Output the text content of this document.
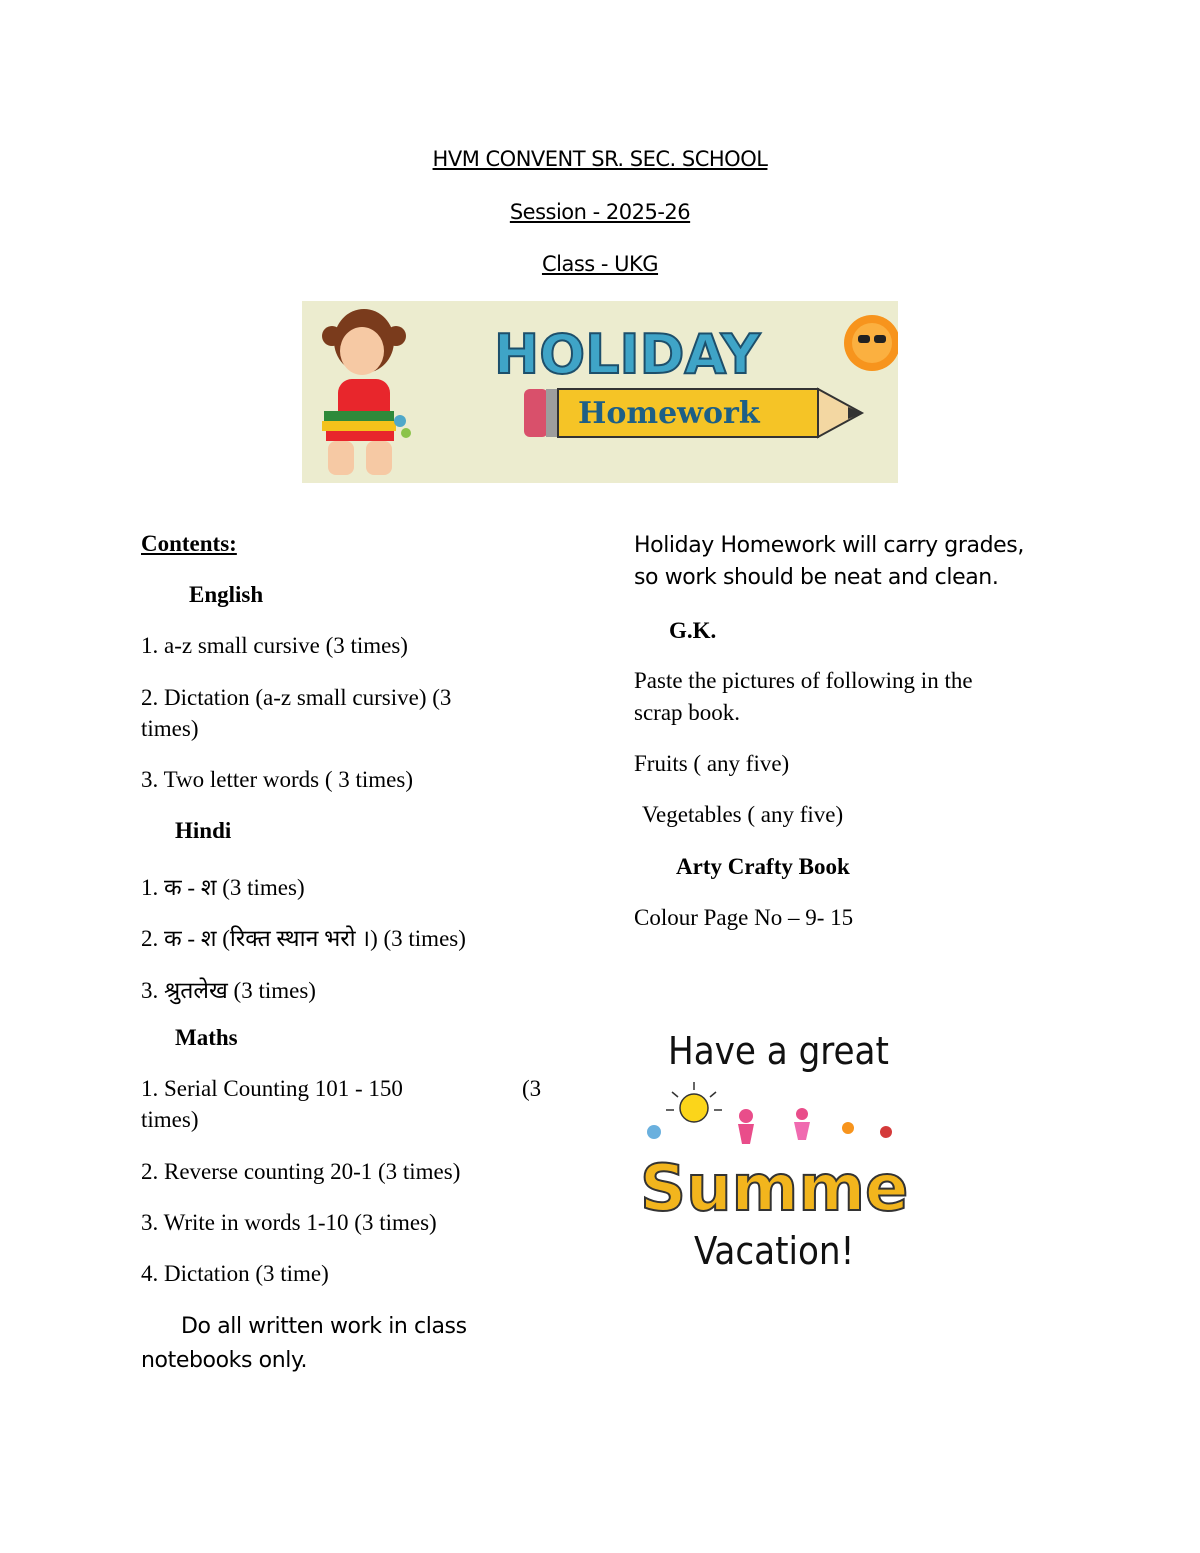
HVM CONVENT SR. SEC. SCHOOL
Session - 2025-26
Class - UKG
HOLIDAY
Homework
Contents:
English
1. a-z small cursive (3 times)
2. Dictation (a-z small cursive) (3
times)
3. Two letter words ( 3 times)
Hindi
1. क - श (3 times)
2. क - श (रिक्त स्थान भरो ।) (3 times)
3. श्रुतलेख (3 times)
Maths
1. Serial Counting 101 - 150	(3
times)
2. Reverse counting 20-1 (3 times)
3. Write in words 1-10 (3 times)
4. Dictation (3 time)
Do all written work in class
notebooks only.
Holiday Homework will carry grades,
so work should be neat and clean.
G.K.
Paste the pictures of following in the
scrap book.
Fruits ( any five)
Vegetables ( any five)
Arty Crafty Book
Colour Page No – 9- 15
Have a great
Summer
Vacation!
